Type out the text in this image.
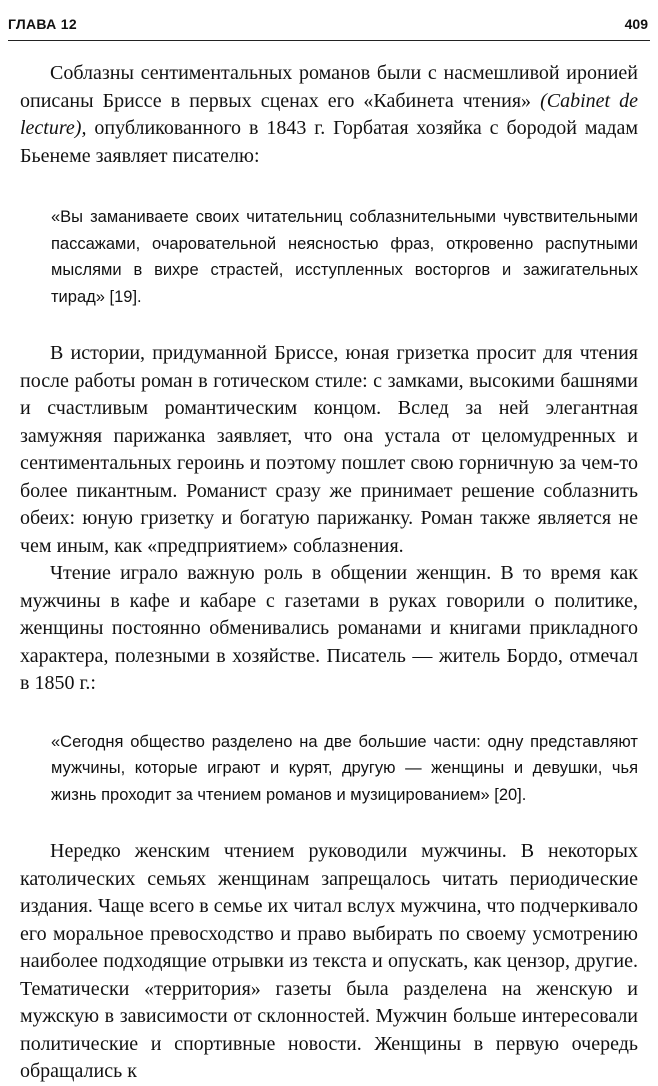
ГЛАВА 12	409

Соблазны сентиментальных романов были с насмешливой иронией описаны Бриссе в первых сценах его «Кабинета чтения» (Cabinet de lecture), опубликованного в 1843 г. Горбатая хозяйка с бородой мадам Бьенеме заявляет писателю:

«Вы заманиваете своих читательниц соблазнительными чувствительными пассажами, очаровательной неясностью фраз, откровенно распутными мыслями в вихре страстей, исступленных восторгов и зажигательных тирад» [19].

В истории, придуманной Бриссе, юная гризетка просит для чтения после работы роман в готическом стиле: с замками, высокими башнями и счастливым романтическим концом. Вслед за ней элегантная замужняя парижанка заявляет, что она устала от целомудренных и сентиментальных героинь и поэтому пошлет свою горничную за чем-то более пикантным. Романист сразу же принимает решение соблазнить обеих: юную гризетку и богатую парижанку. Роман также является не чем иным, как «предприятием» соблазнения.

Чтение играло важную роль в общении женщин. В то время как мужчины в кафе и кабаре с газетами в руках говорили о политике, женщины постоянно обменивались романами и книгами прикладного характера, полезными в хозяйстве. Писатель — житель Бордо, отмечал в 1850 г.:

«Сегодня общество разделено на две большие части: одну представляют мужчины, которые играют и курят, другую — женщины и девушки, чья жизнь проходит за чтением романов и музицированием» [20].

Нередко женским чтением руководили мужчины. В некоторых католических семьях женщинам запрещалось читать периодические издания. Чаще всего в семье их читал вслух мужчина, что подчеркивало его моральное превосходство и право выбирать по своему усмотрению наиболее подходящие отрывки из текста и опускать, как цензор, другие. Тематически «территория» газеты была разделена на женскую и мужскую в зависимости от склонностей. Мужчин больше интересовали политические и спортивные новости. Женщины в первую очередь обращались к
